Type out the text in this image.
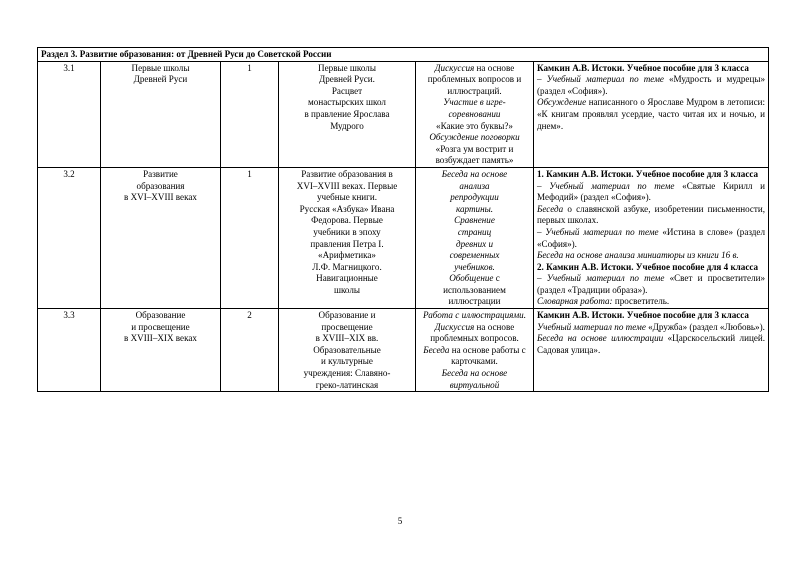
Раздел 3. Развитие образования: от Древней Руси до Советской России					
3.1	Первые школы
Древней Руси	1	Первые школы
Древней Руси.
Расцвет
монастырских школ
в правление Ярослава
Мудрого	Дискуссия на основе
проблемных вопросов и
иллюстраций.
Участие в игре-
соревновании
«Какие это буквы?»
Обсуждение поговорки
«Розга ум вострит и
возбуждает память»	Камкин А.В. Истоки. Учебное пособие для 3 класса
– Учебный материал по теме «Мудрость и мудрецы» (раздел «София»).
Обсуждение написанного о Ярославе Мудром в летописи: «К книгам проявлял усердие, часто читая их и ночью, и днем».
3.2	Развитие
образования
в XVI–XVIII веках	1	Развитие образования в
XVI–XVIII веках. Первые
учебные книги.
Русская «Азбука» Ивана
Федорова. Первые
учебники в эпоху
правления Петра I.
«Арифметика»
Л.Ф. Магницкого.
Навигационные
школы	Беседа на основе
анализа
репродукции
картины.
Сравнение
страниц
древних и
современных
учебников.
Обобщение с
использованием
иллюстрации	1. Камкин А.В. Истоки. Учебное пособие для 3 класса
– Учебный материал по теме «Святые Кирилл и Мефодий» (раздел «София»).
Беседа о славянской азбуке, изобретении письменности, первых школах.
– Учебный материал по теме «Истина в слове» (раздел «София»).
Беседа на основе анализа миниатюры из книги 16 в.
2. Камкин А.В. Истоки. Учебное пособие для 4 класса
– Учебный материал по теме «Свет и просветители» (раздел «Традиции образа»).
Словарная работа: просветитель.
3.3	Образование
и просвещение
в XVIII–XIX веках	2	Образование и
просвещение
в XVIII–XIX вв.
Образовательные
и культурные
учреждения: Славяно-
греко-латинская	Работа с иллюстрациями.
Дискуссия на основе
проблемных вопросов.
Беседа на основе работы с
карточками.
Беседа на основе
виртуальной	Камкин А.В. Истоки. Учебное пособие для 3 класса
Учебный материал по теме «Дружба» (раздел «Любовь»).
Беседа на основе иллюстрации «Царскосельский лицей. Садовая улица».
5
